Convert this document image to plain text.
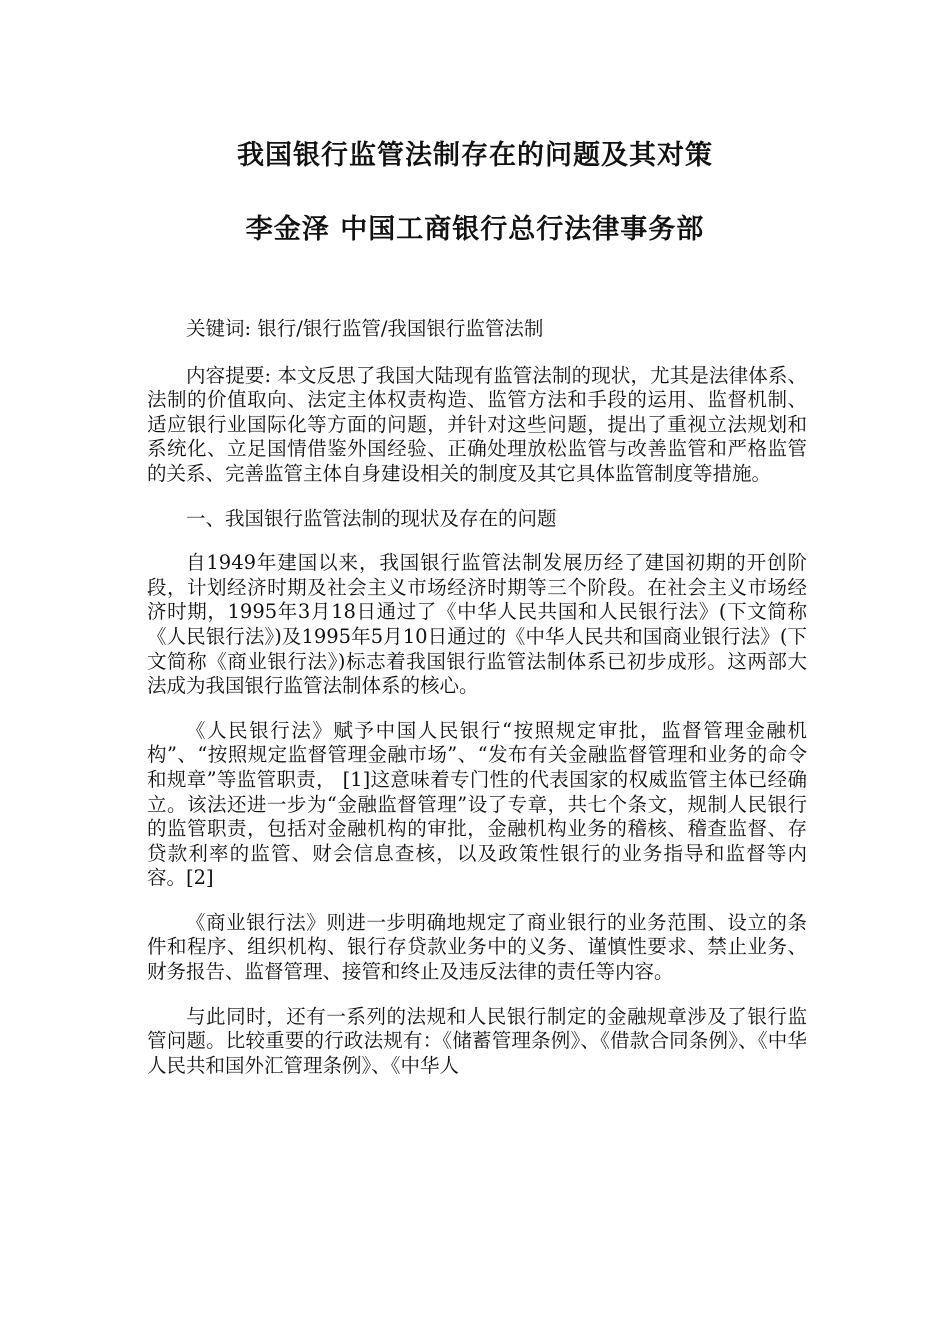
我国银行监管法制存在的问题及其对策
李金泽 中国工商银行总行法律事务部

关键词: 银行/银行监管/我国银行监管法制

内容提要: 本文反思了我国大陆现有监管法制的现状，尤其是法律体系、法制的价值取向、法定主体权责构造、监管方法和手段的运用、监督机制、适应银行业国际化等方面的问题，并针对这些问题，提出了重视立法规划和系统化、立足国情借鉴外国经验、正确处理放松监管与改善监管和严格监管的关系、完善监管主体自身建设相关的制度及其它具体监管制度等措施。

一、我国银行监管法制的现状及存在的问题

自1949年建国以来，我国银行监管法制发展历经了建国初期的开创阶段，计划经济时期及社会主义市场经济时期等三个阶段。在社会主义市场经济时期，1995年3月18日通过了《中华人民共国和人民银行法》(下文简称《人民银行法》)及1995年5月10日通过的《中华人民共和国商业银行法》(下文简称《商业银行法》)标志着我国银行监管法制体系已初步成形。这两部大法成为我国银行监管法制体系的核心。

《人民银行法》赋予中国人民银行“按照规定审批，监督管理金融机构”、“按照规定监督管理金融市场”、“发布有关金融监督管理和业务的命令和规章”等监管职责， [1]这意味着专门性的代表国家的权威监管主体已经确立。该法还进一步为“金融监督管理”设了专章，共七个条文，规制人民银行的监管职责，包括对金融机构的审批，金融机构业务的稽核、稽查监督、存贷款利率的监管、财会信息查核，以及政策性银行的业务指导和监督等内容。[2]

《商业银行法》则进一步明确地规定了商业银行的业务范围、设立的条件和程序、组织机构、银行存贷款业务中的义务、谨慎性要求、禁止业务、财务报告、监督管理、接管和终止及违反法律的责任等内容。

与此同时，还有一系列的法规和人民银行制定的金融规章涉及了银行监管问题。比较重要的行政法规有：《储蓄管理条例》、《借款合同条例》、《中华人民共和国外汇管理条例》、《中华人
